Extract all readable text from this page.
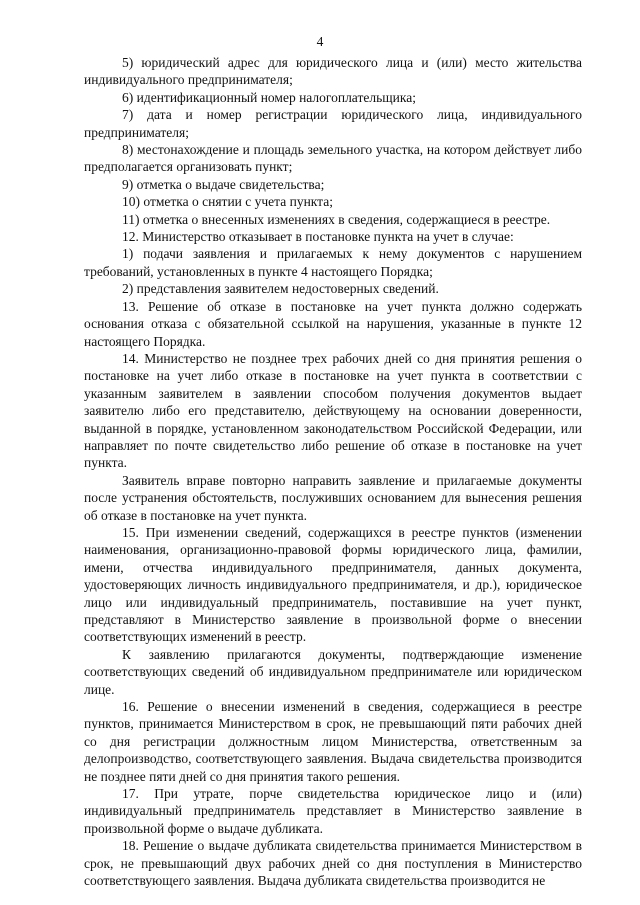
4

5) юридический адрес для юридического лица и (или) место жительства индивидуального предпринимателя;

6) идентификационный номер налогоплательщика;

7) дата и номер регистрации юридического лица, индивидуального предпринимателя;

8) местонахождение и площадь земельного участка, на котором действует либо предполагается организовать пункт;

9) отметка о выдаче свидетельства;

10) отметка о снятии с учета пункта;

11) отметка о внесенных изменениях в сведения, содержащиеся в реестре.

12. Министерство отказывает в постановке пункта на учет в случае:

1) подачи заявления и прилагаемых к нему документов с нарушением требований, установленных в пункте 4 настоящего Порядка;

2) представления заявителем недостоверных сведений.

13. Решение об отказе в постановке на учет пункта должно содержать основания отказа с обязательной ссылкой на нарушения, указанные в пункте 12 настоящего Порядка.

14. Министерство не позднее трех рабочих дней со дня принятия решения о постановке на учет либо отказе в постановке на учет пункта в соответствии с указанным заявителем в заявлении способом получения документов выдает заявителю либо его представителю, действующему на основании доверенности, выданной в порядке, установленном законодательством Российской Федерации, или направляет по почте свидетельство либо решение об отказе в постановке на учет пункта.

Заявитель вправе повторно направить заявление и прилагаемые документы после устранения обстоятельств, послуживших основанием для вынесения решения об отказе в постановке на учет пункта.

15. При изменении сведений, содержащихся в реестре пунктов (изменении наименования, организационно-правовой формы юридического лица, фамилии, имени, отчества индивидуального предпринимателя, данных документа, удостоверяющих личность индивидуального предпринимателя, и др.), юридическое лицо или индивидуальный предприниматель, поставившие на учет пункт, представляют в Министерство заявление в произвольной форме о внесении соответствующих изменений в реестр.

К заявлению прилагаются документы, подтверждающие изменение соответствующих сведений об индивидуальном предпринимателе или юридическом лице.

16. Решение о внесении изменений в сведения, содержащиеся в реестре пунктов, принимается Министерством в срок, не превышающий пяти рабочих дней со дня регистрации должностным лицом Министерства, ответственным за делопроизводство, соответствующего заявления. Выдача свидетельства производится не позднее пяти дней со дня принятия такого решения.

17. При утрате, порче свидетельства юридическое лицо и (или) индивидуальный предприниматель представляет в Министерство заявление в произвольной форме о выдаче дубликата.

18. Решение о выдаче дубликата свидетельства принимается Министерством в срок, не превышающий двух рабочих дней со дня поступления в Министерство соответствующего заявления. Выдача дубликата свидетельства производится не
